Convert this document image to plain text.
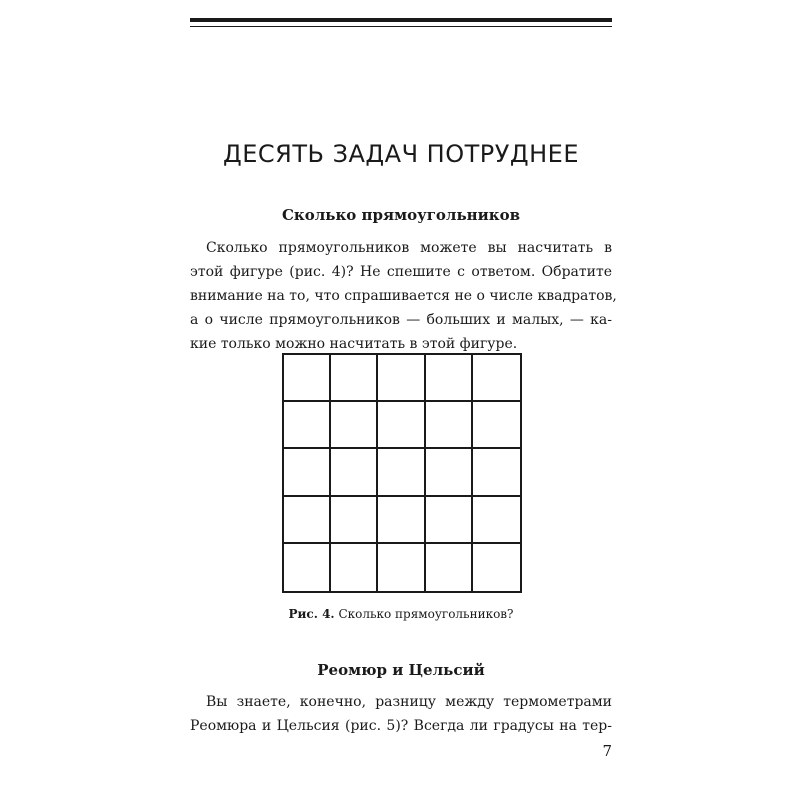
ДЕСЯТЬ ЗАДАЧ ПОТРУДНЕЕ
Сколько прямоугольников

Сколько прямоугольников можете вы насчитать в
этой фигуре (рис. 4)? Не спешите с ответом. Обратите
внимание на то, что спрашивается не о числе квадратов,
а о числе прямоугольников — больших и малых, — ка-
кие только можно насчитать в этой фигуре.

Рис. 4. Сколько прямоугольников?

Реомюр и Цельсий

Вы знаете, конечно, разницу между термометрами
Реомюра и Цельсия (рис. 5)? Всегда ли градусы на тер-

7
